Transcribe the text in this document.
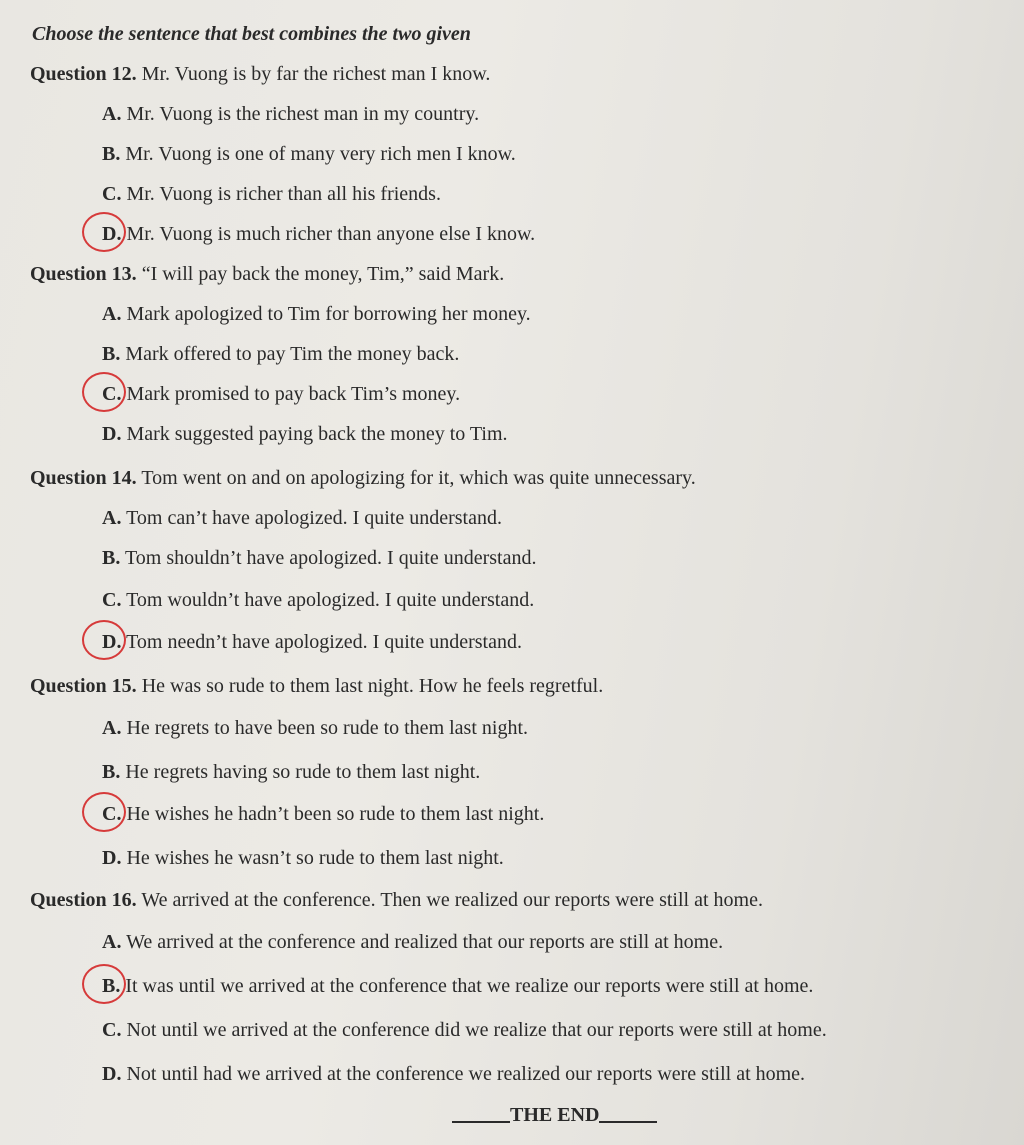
Choose the sentence that best combines the two given
Question 12. Mr. Vuong is by far the richest man I know.
A. Mr. Vuong is the richest man in my country.
B. Mr. Vuong is one of many very rich men I know.
C. Mr. Vuong is richer than all his friends.
D. Mr. Vuong is much richer than anyone else I know.
Question 13. “I will pay back the money, Tim,” said Mark.
A. Mark apologized to Tim for borrowing her money.
B. Mark offered to pay Tim the money back.
C. Mark promised to pay back Tim’s money.
D. Mark suggested paying back the money to Tim.
Question 14. Tom went on and on apologizing for it, which was quite unnecessary.
A. Tom can’t have apologized. I quite understand.
B. Tom shouldn’t have apologized. I quite understand.
C. Tom wouldn’t have apologized. I quite understand.
D. Tom needn’t have apologized. I quite understand.
Question 15. He was so rude to them last night. How he feels regretful.
A. He regrets to have been so rude to them last night.
B. He regrets having so rude to them last night.
C. He wishes he hadn’t been so rude to them last night.
D. He wishes he wasn’t so rude to them last night.
Question 16. We arrived at the conference. Then we realized our reports were still at home.
A. We arrived at the conference and realized that our reports are still at home.
B. It was until we arrived at the conference that we realize our reports were still at home.
C. Not until we arrived at the conference did we realize that our reports were still at home.
D. Not until had we arrived at the conference we realized our reports were still at home.
THE END
